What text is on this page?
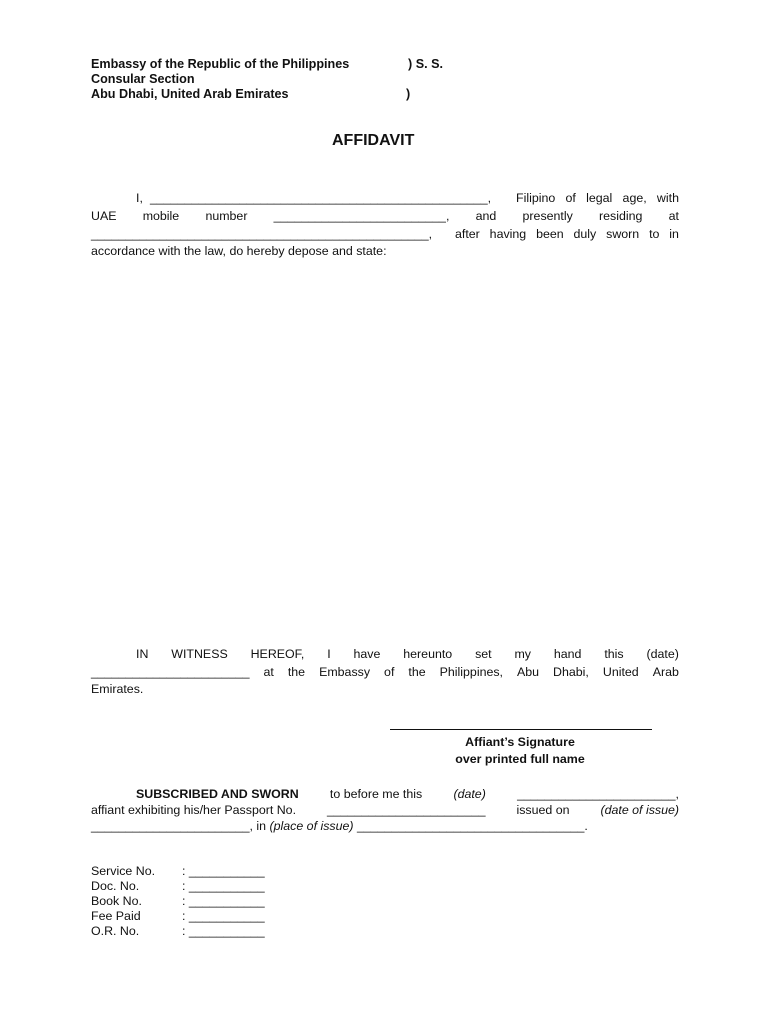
Embassy of the Republic of the Philippines	) S. S.
Consular Section
Abu Dhabi, United Arab Emirates	)
AFFIDAVIT
I, _________________________________________________, Filipino of legal age, with
UAE mobile number _________________________, and presently residing at
_________________________________________________, after having been duly sworn to in
accordance with the law, do hereby depose and state:
IN WITNESS HEREOF, I have hereunto set my hand this (date)
_______________________ at the Embassy of the Philippines, Abu Dhabi, United Arab
Emirates.
Affiant’s Signature
over printed full name
SUBSCRIBED AND SWORN	to before me this	(date)	_______________________,
affiant exhibiting his/her Passport No. _______________________ issued on (date of issue)
_______________________, in (place of issue) _________________________________.
Service No. : ___________
Doc. No.	: ___________
Book No.	: ___________
Fee Paid	: ___________
O.R. No.	: ___________
